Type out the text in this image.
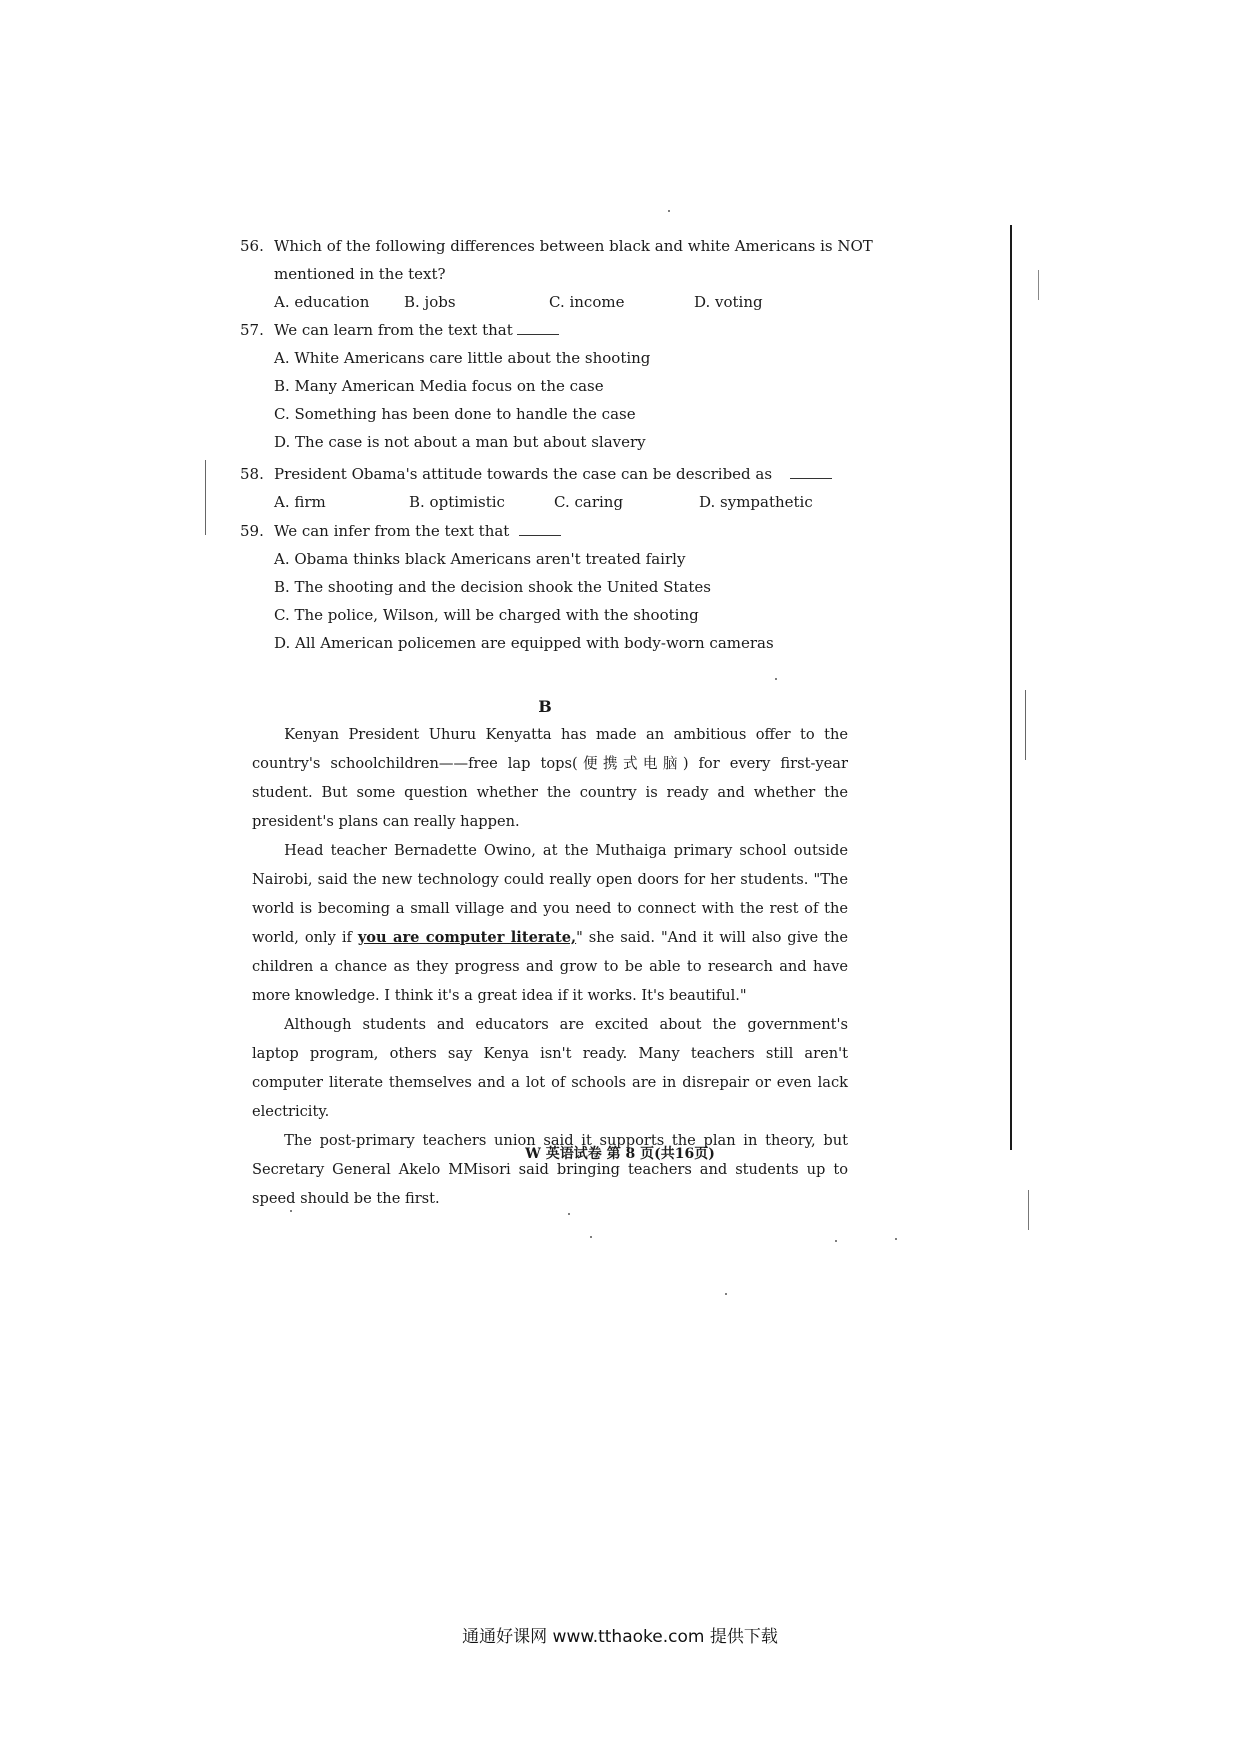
56. Which of the following differences between black and white Americans is NOT
mentioned in the text?
A. education	B. jobs	C. income	D. voting
57. We can learn from the text that
A. White Americans care little about the shooting
B. Many American Media focus on the case
C. Something has been done to handle the case
D. The case is not about a man but about slavery
58. President Obama's attitude towards the case can be described as
A. firm	B. optimistic	C. caring	D. sympathetic
59. We can infer from the text that
A. Obama thinks black Americans aren't treated fairly
B. The shooting and the decision shook the United States
C. The police, Wilson, will be charged with the shooting
D. All American policemen are equipped with body-worn cameras
B

Kenyan President Uhuru Kenyatta has made an ambitious offer to the country's schoolchildren——free lap tops(便携式电脑) for every first-year student. But some question whether the country is ready and whether the president's plans can really happen.

Head teacher Bernadette Owino, at the Muthaiga primary school outside Nairobi, said the new technology could really open doors for her students. "The world is becoming a small village and you need to connect with the rest of the world, only if you are computer literate," she said. "And it will also give the children a chance as they progress and grow to be able to research and have more knowledge. I think it's a great idea if it works. It's beautiful."

Although students and educators are excited about the government's laptop program, others say Kenya isn't ready. Many teachers still aren't computer literate themselves and a lot of schools are in disrepair or even lack electricity.

The post-primary teachers union said it supports the plan in theory, but Secretary General Akelo MMisori said bringing teachers and students up to speed should be the first.

W 英语试卷 第 8 页(共16页)
通通好课网 www.tthaoke.com 提供下载
